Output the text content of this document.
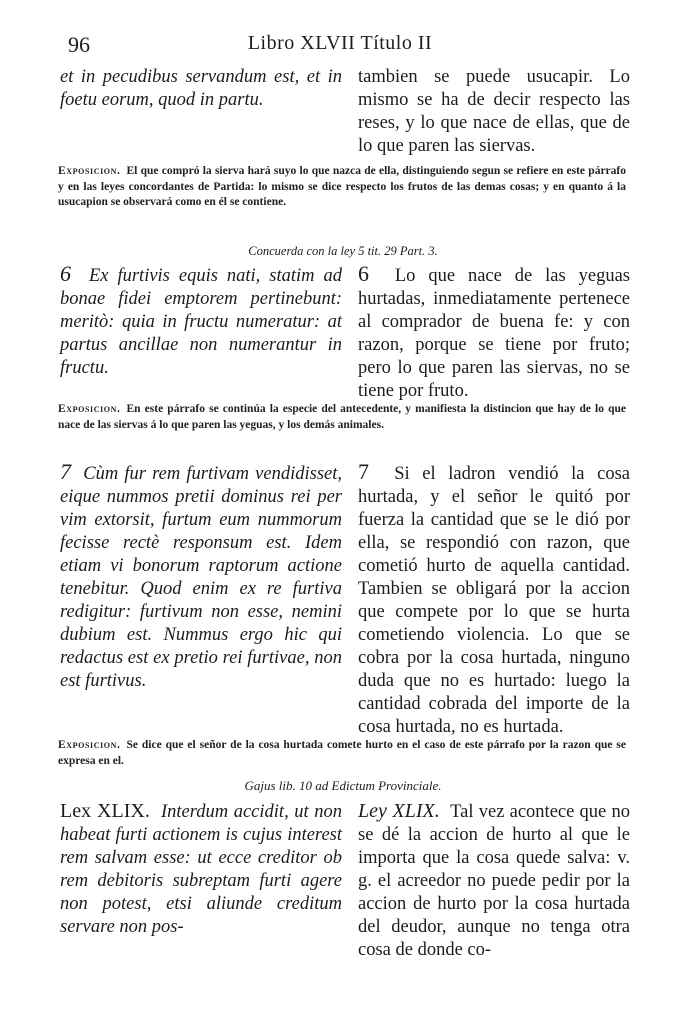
96	Libro XLVII Título II
et in pecudibus servandum est, et in foetu eorum, quod in partu.
tambien se puede usucapir. Lo mismo se ha de decir respecto las reses, y lo que nace de ellas, que de lo que paren las siervas.
Exposicion. El que compró la sierva hará suyo lo que nazca de ella, distinguiendo segun se refiere en este párrafo y en las leyes concordantes de Partida: lo mismo se dice respecto los frutos de las demas cosas; y en quanto á la usucapion se observará como en él se contiene.
Concuerda con la ley 5 tit. 29 Part. 3.
6 Ex furtivis equis nati, statim ad bonae fidei emptorem pertinebunt: meritò: quia in fructu numeratur: at partus ancillae non numerantur in fructu.
6 Lo que nace de las yeguas hurtadas, inmediatamente pertenece al comprador de buena fe: y con razon, porque se tiene por fruto; pero lo que paren las siervas, no se tiene por fruto.
Exposicion. En este párrafo se continúa la especie del antecedente, y manifiesta la distincion que hay de lo que nace de las siervas á lo que paren las yeguas, y los demás animales.
7 Cùm fur rem furtivam vendidisset, eique nummos pretii dominus rei per vim extorsit, furtum eum nummorum fecisse rectè responsum est. Idem etiam vi bonorum raptorum actione tenebitur. Quod enim ex re furtiva redigitur: furtivum non esse, nemini dubium est. Nummus ergo hic qui redactus est ex pretio rei furtivae, non est furtivus.
7 Si el ladron vendió la cosa hurtada, y el señor le quitó por fuerza la cantidad que se le dió por ella, se respondió con razon, que cometió hurto de aquella cantidad. Tambien se obligará por la accion que compete por lo que se hurta cometiendo violencia. Lo que se cobra por la cosa hurtada, ninguno duda que no es hurtado: luego la cantidad cobrada del importe de la cosa hurtada, no es hurtada.
Exposicion. Se dice que el señor de la cosa hurtada comete hurto en el caso de este párrafo por la razon que se expresa en el.
Gajus lib. 10 ad Edictum Provinciale.
Lex XLIX. Interdum accidit, ut non habeat furti actionem is cujus interest rem salvam esse: ut ecce creditor ob rem debitoris subreptam furti agere non potest, etsi aliunde creditum servare non pos-
Ley XLIX. Tal vez acontece que no se dé la accion de hurto al que le importa que la cosa quede salva: v. g. el acreedor no puede pedir por la accion de hurto por la cosa hurtada del deudor, aunque no tenga otra cosa de donde co-
